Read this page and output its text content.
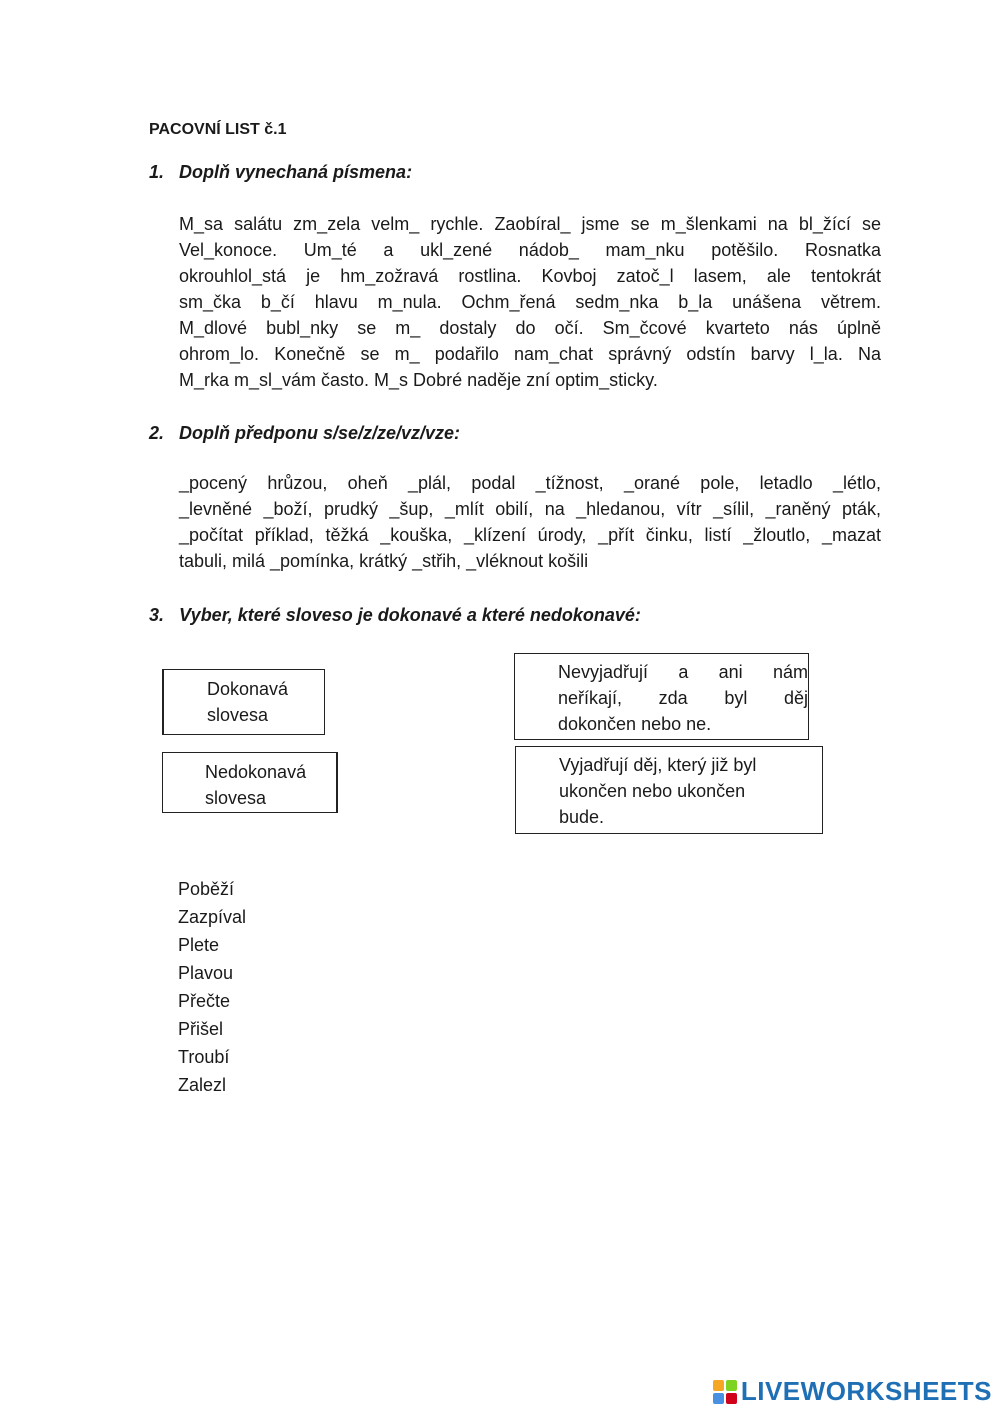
PACOVNÍ LIST č.1
1. Doplň vynechaná písmena:
M_sa salátu zm_zela velm_ rychle. Zaobíral_ jsme se m_šlenkami na bl_žící se
Vel_konoce. Um_té a ukl_zené nádob_ mam_nku potěšilo. Rosnatka
okrouhlol_stá je hm_zožravá rostlina. Kovboj zatoč_l lasem, ale tentokrát
sm_čka b_čí hlavu m_nula. Ochm_řená sedm_nka b_la unášena větrem.
M_dlové bubl_nky se m_ dostaly do očí. Sm_čcové kvarteto nás úplně
ohrom_lo. Konečně se m_ podařilo nam_chat správný odstín barvy l_la. Na
M_rka m_sl_vám často. M_s Dobré naděje zní optim_sticky.
2. Doplň předponu s/se/z/ze/vz/vze:
_pocený hrůzou, oheň _plál, podal _tížnost, _orané pole, letadlo _létlo,
_levněné _boží, prudký _šup, _mlít obilí, na _hledanou, vítr _sílil, _raněný pták,
_počítat příklad, těžká _kouška, _klízení úrody, _přít činku, listí _žloutlo, _mazat
tabuli, milá _pomínka, krátký _střih, _vléknout košili
3. Vyber, které sloveso je dokonavé a které nedokonavé:
Dokonavá slovesa
Nedokonavá slovesa
Nevyjadřují a ani nám
neříkají, zda byl děj
dokončen nebo ne.
Vyjadřují děj, který již byl ukončen nebo ukončen bude.
Poběží
Zazpíval
Plete
Plavou
Přečte
Přišel
Troubí
Zalezl
LIVEWORKSHEETS
